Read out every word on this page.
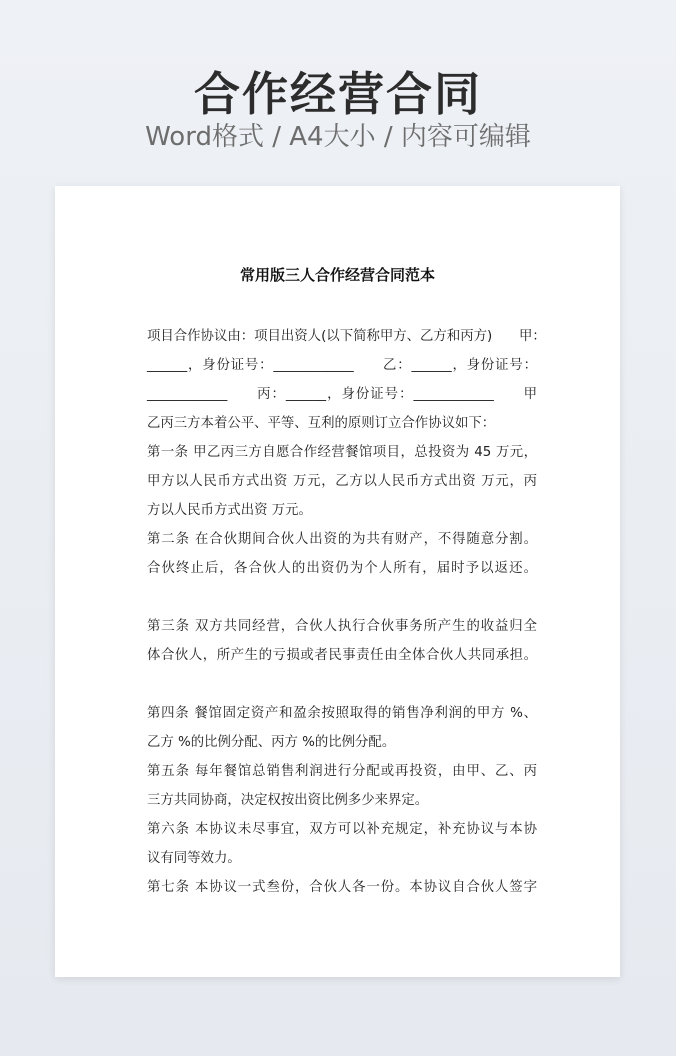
合作经营合同
Word格式 / A4大小 / 内容可编辑
常用版三人合作经营合同范本
项目合作协议由：项目出资人(以下简称甲方、乙方和丙方)　　甲：
______，身份证号：____________　　乙：______，身份证号：
____________　　丙：______，身份证号：____________　　甲
乙丙三方本着公平、平等、互利的原则订立合作协议如下：
第一条 甲乙丙三方自愿合作经营餐馆项目，总投资为 45 万元，
甲方以人民币方式出资 万元，乙方以人民币方式出资 万元，丙
方以人民币方式出资 万元。
第二条 在合伙期间合伙人出资的为共有财产，不得随意分割。
合伙终止后，各合伙人的出资仍为个人所有，届时予以返还。
第三条 双方共同经营，合伙人执行合伙事务所产生的收益归全
体合伙人，所产生的亏损或者民事责任由全体合伙人共同承担。
第四条 餐馆固定资产和盈余按照取得的销售净利润的甲方 %、
乙方 %的比例分配、丙方 %的比例分配。
第五条 每年餐馆总销售利润进行分配或再投资，由甲、乙、丙
三方共同协商，决定权按出资比例多少来界定。
第六条 本协议未尽事宜，双方可以补充规定，补充协议与本协
议有同等效力。
第七条 本协议一式叁份，合伙人各一份。本协议自合伙人签字
